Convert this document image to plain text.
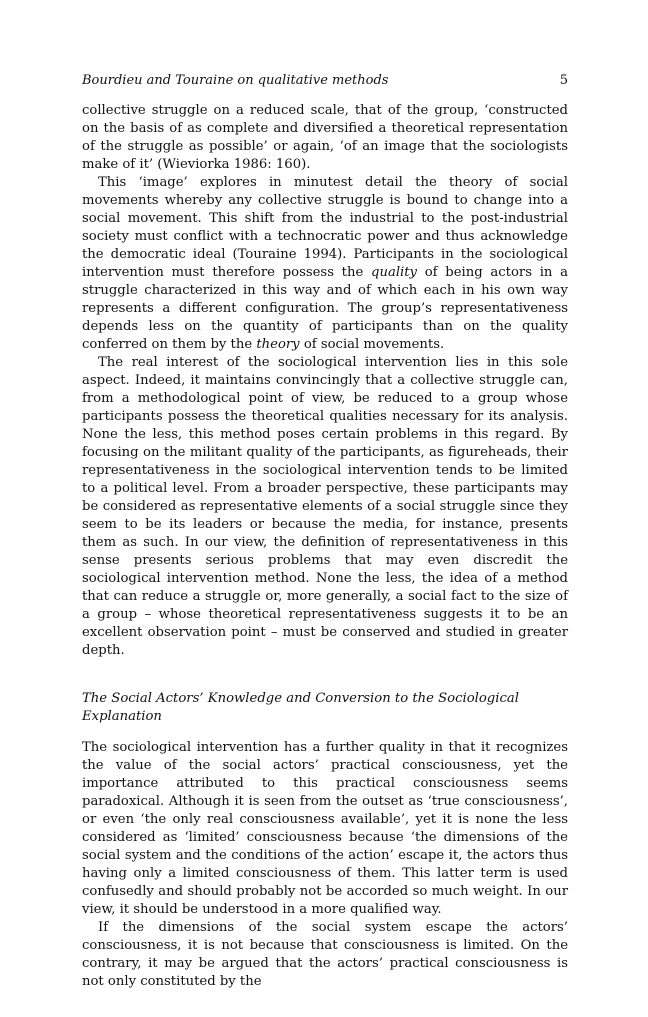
Bourdieu and Touraine on qualitative methods	5

collective struggle on a reduced scale, that of the group, ‘constructed on the basis of as complete and diversified a theoretical representation of the struggle as possible’ or again, ‘of an image that the sociologists make of it’ (Wieviorka 1986: 160).

This ‘image’ explores in minutest detail the theory of social movements whereby any collective struggle is bound to change into a social movement. This shift from the industrial to the post-industrial society must conflict with a technocratic power and thus acknowledge the democratic ideal (Touraine 1994). Participants in the sociological intervention must therefore possess the quality of being actors in a struggle characterized in this way and of which each in his own way represents a different configuration. The group’s representativeness depends less on the quantity of participants than on the quality conferred on them by the theory of social movements.

The real interest of the sociological intervention lies in this sole aspect. Indeed, it maintains convincingly that a collective struggle can, from a methodological point of view, be reduced to a group whose participants possess the theoretical qualities necessary for its analysis. None the less, this method poses certain problems in this regard. By focusing on the militant quality of the participants, as figureheads, their representativeness in the sociological intervention tends to be limited to a political level. From a broader perspective, these participants may be considered as representative elements of a social struggle since they seem to be its leaders or because the media, for instance, presents them as such. In our view, the definition of representativeness in this sense presents serious problems that may even discredit the sociological intervention method. None the less, the idea of a method that can reduce a struggle or, more generally, a social fact to the size of a group – whose theoretical representativeness suggests it to be an excellent observation point – must be conserved and studied in greater depth.

The Social Actors’ Knowledge and Conversion to the Sociological
Explanation

The sociological intervention has a further quality in that it recognizes the value of the social actors’ practical consciousness, yet the importance attributed to this practical consciousness seems paradoxical. Although it is seen from the outset as ‘true consciousness’, or even ‘the only real consciousness available’, yet it is none the less considered as ‘limited’ consciousness because ‘the dimensions of the social system and the conditions of the action’ escape it, the actors thus having only a limited consciousness of them. This latter term is used confusedly and should probably not be accorded so much weight. In our view, it should be understood in a more qualified way.

If the dimensions of the social system escape the actors’ consciousness, it is not because that consciousness is limited. On the contrary, it may be argued that the actors’ practical consciousness is not only constituted by the
